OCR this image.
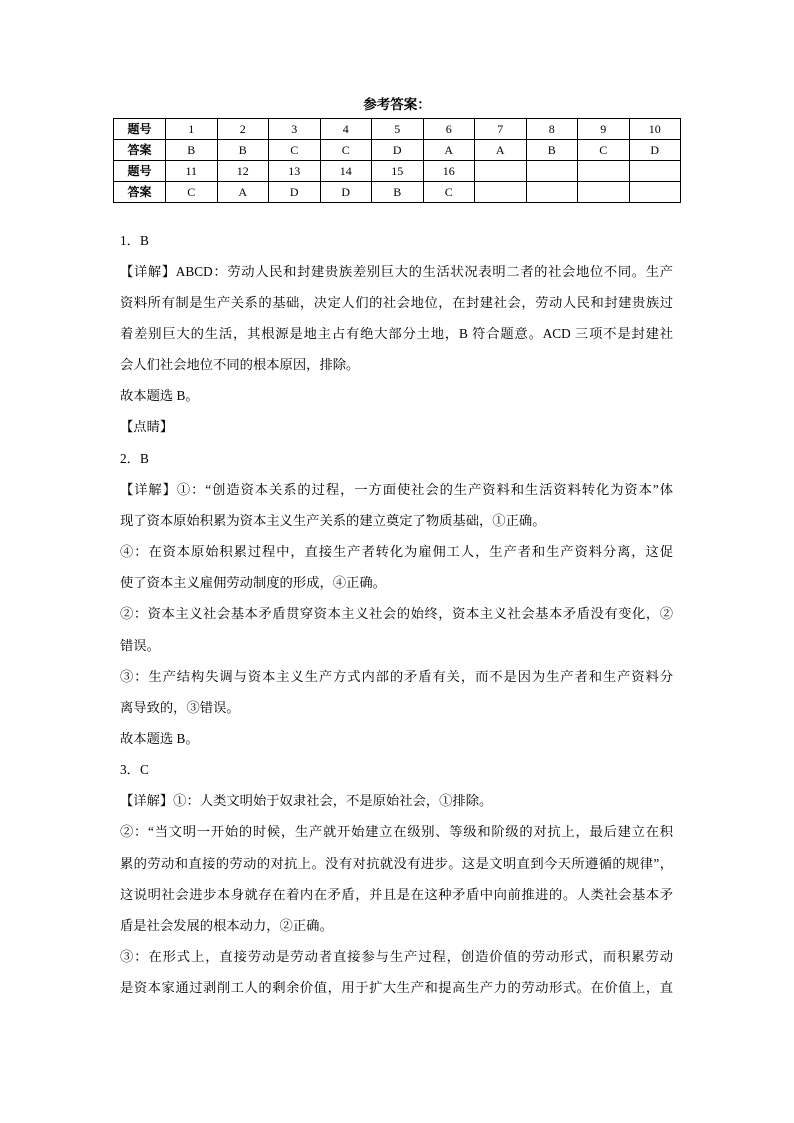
参考答案：
题号	1	2	3	4	5	6	7	8	9	10
答案	B	B	C	C	D	A	A	B	C	D
题号	11	12	13	14	15	16				
答案	C	A	D	D	B	C				
1．B
【详解】ABCD：劳动人民和封建贵族差别巨大的生活状况表明二者的社会地位不同。生产
资料所有制是生产关系的基础，决定人们的社会地位，在封建社会，劳动人民和封建贵族过
着差别巨大的生活，其根源是地主占有绝大部分土地，B 符合题意。ACD 三项不是封建社
会人们社会地位不同的根本原因，排除。
故本题选 B。
【点睛】
2．B
【详解】①：“创造资本关系的过程，一方面使社会的生产资料和生活资料转化为资本”体
现了资本原始积累为资本主义生产关系的建立奠定了物质基础，①正确。
④：在资本原始积累过程中，直接生产者转化为雇佣工人，生产者和生产资料分离，这促
使了资本主义雇佣劳动制度的形成，④正确。
②：资本主义社会基本矛盾贯穿资本主义社会的始终，资本主义社会基本矛盾没有变化，②
错误。
③：生产结构失调与资本主义生产方式内部的矛盾有关，而不是因为生产者和生产资料分
离导致的，③错误。
故本题选 B。
3．C
【详解】①：人类文明始于奴隶社会，不是原始社会，①排除。
②：“当文明一开始的时候，生产就开始建立在级别、等级和阶级的对抗上，最后建立在积
累的劳动和直接的劳动的对抗上。没有对抗就没有进步。这是文明直到今天所遵循的规律”，
这说明社会进步本身就存在着内在矛盾，并且是在这种矛盾中向前推进的。人类社会基本矛
盾是社会发展的根本动力，②正确。
③：在形式上，直接劳动是劳动者直接参与生产过程，创造价值的劳动形式，而积累劳动
是资本家通过剥削工人的剩余价值，用于扩大生产和提高生产力的劳动形式。在价值上，直
